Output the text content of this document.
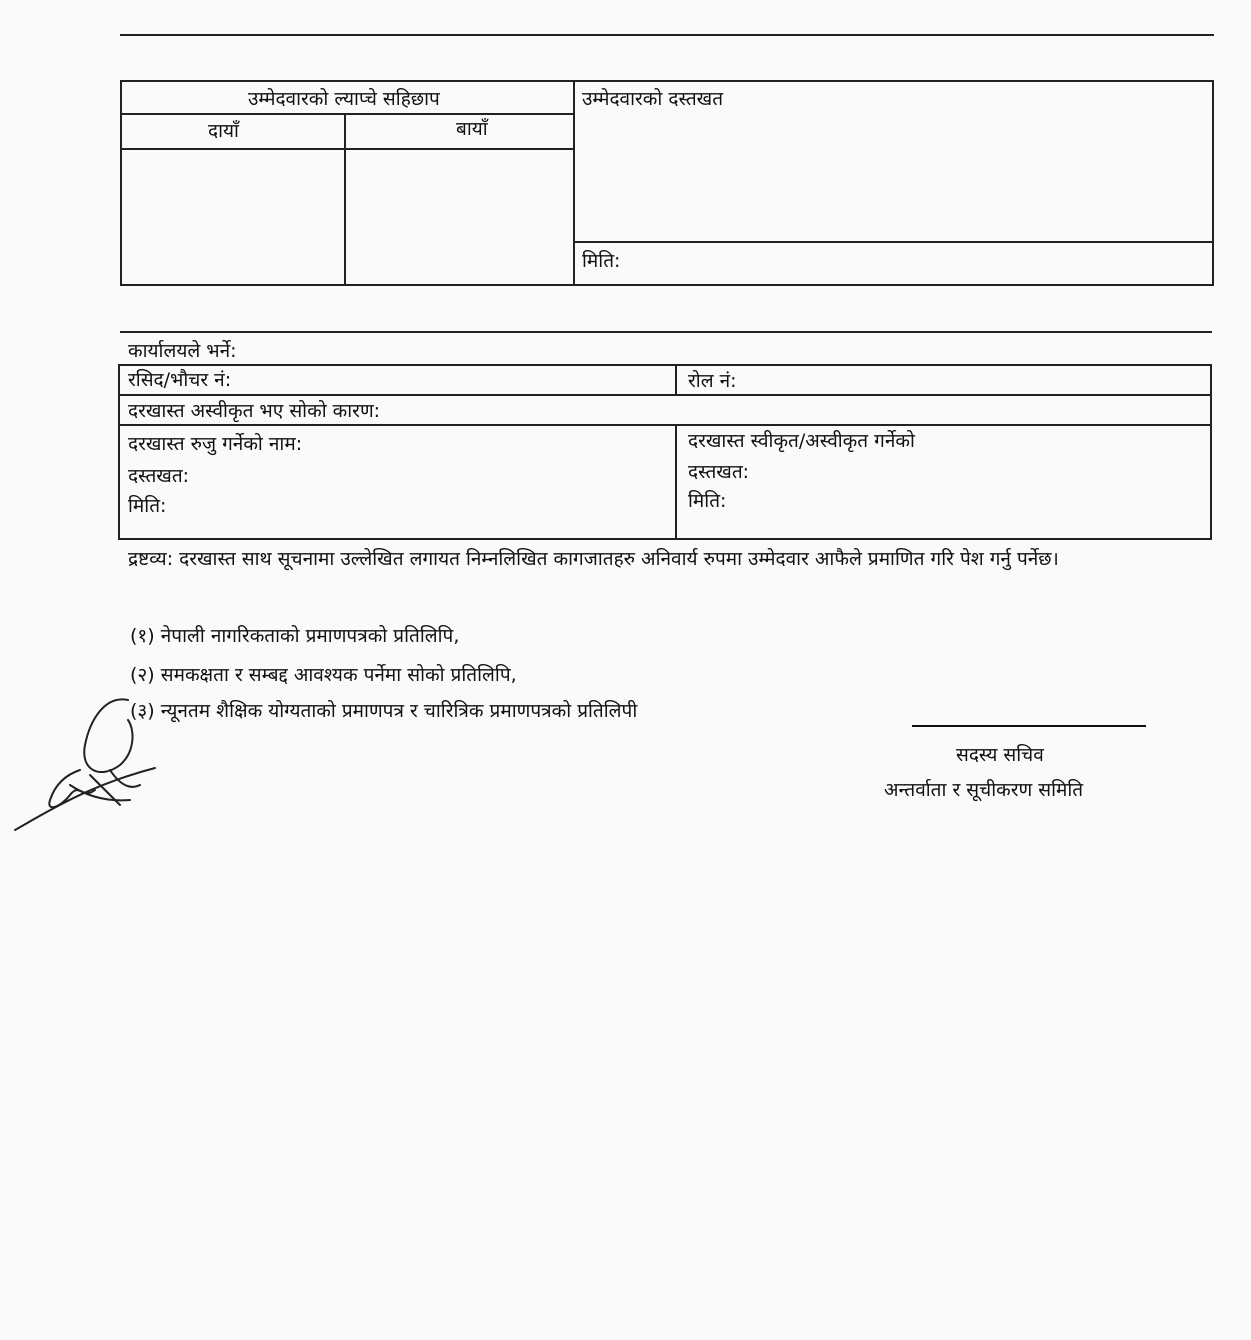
उम्मेदवारको ल्याप्चे सहिछाप
दायाँ	बायाँ
उम्मेदवारको दस्तखत
मिति:
कार्यालयले भर्ने:
रसिद/भौचर नं:	रोल नं:
दरखास्त अस्वीकृत भए सोको कारण:
दरखास्त रुजु गर्नेको नाम:
दस्तखत:
मिति:
दरखास्त स्वीकृत/अस्वीकृत गर्नेको
दस्तखत:
मिति:
द्रष्टव्य: दरखास्त साथ सूचनामा उल्लेखित लगायत निम्नलिखित कागजातहरु अनिवार्य रुपमा उम्मेदवार आफैले प्रमाणित गरि पेश गर्नु पर्नेछ।
(१) नेपाली नागरिकताको प्रमाणपत्रको प्रतिलिपि,
(२) समकक्षता र सम्बद्द आवश्यक पर्नेमा सोको प्रतिलिपि,
(३) न्यूनतम शैक्षिक योग्यताको प्रमाणपत्र र चारित्रिक प्रमाणपत्रको प्रतिलिपी
सदस्य सचिव
अन्तर्वाता र सूचीकरण समिति
